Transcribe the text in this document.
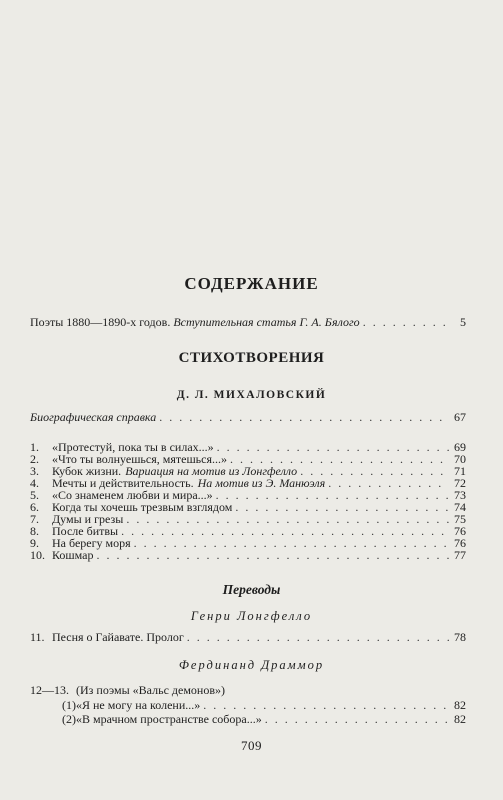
СОДЕРЖАНИЕ
Поэты 1880—1890-х годов. Вступительная статья Г. А. Бялого . . .	5
СТИХОТВОРЕНИЯ
Д. Л. МИХАЛОВСКИЙ
Биографическая справка . . .	67
1.	«Протестуй, пока ты в силах...» . . .	69
2.	«Что ты волнуешься, мятешься...» . . .	70
3.	Кубок жизни. Вариация на мотив из Лонгфелло . . .	71
4.	Мечты и действительность. На мотив из Э. Манюэля . . .	72
5.	«Со знаменем любви и мира...» . . .	73
6.	Когда ты хочешь трезвым взглядом . . .	74
7.	Думы и грезы . . .	75
8.	После битвы . . .	76
9.	На берегу моря . . .	76
10. Кошмар . . .	77
Переводы
Генри Лонгфелло
11. Песня о Гайавате. Пролог . . .	78
Фердинанд Драммор
12—13. (Из поэмы «Вальс демонов»)
(1) «Я не могу на колени...» . . .	82
(2) «В мрачном пространстве собора...» . . .	82
709
